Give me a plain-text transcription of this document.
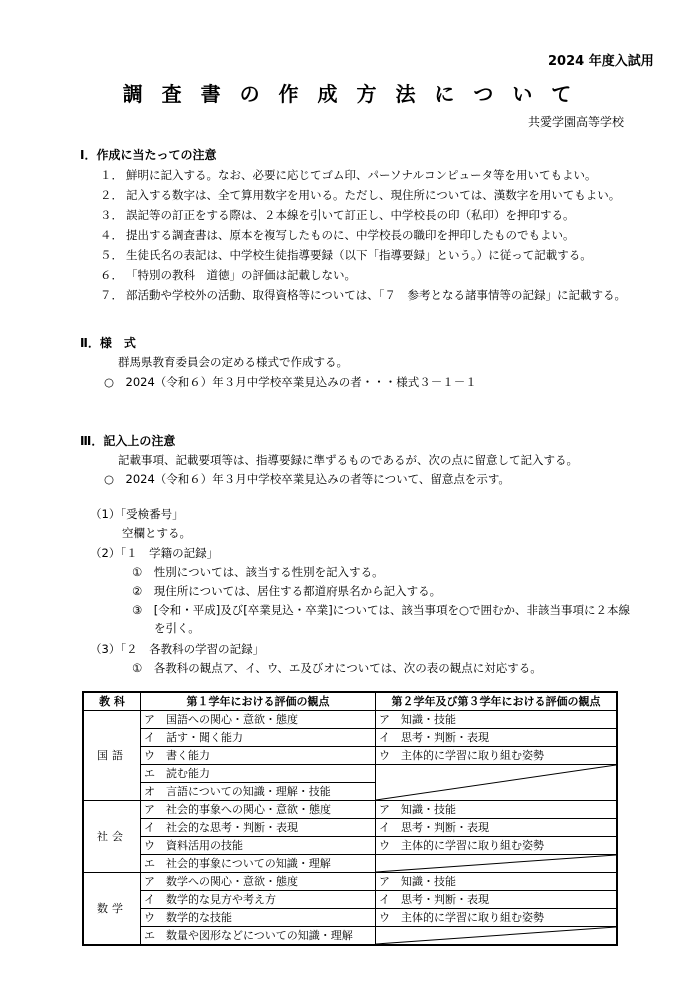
2024 年度入試用
調 査 書 の 作 成 方 法 に つ い て
共愛学園高等学校
Ⅰ．作成に当たっての注意
１． 鮮明に記入する。なお、必要に応じてゴム印、パーソナルコンピュータ等を用いてもよい。
２． 記入する数字は、全て算用数字を用いる。ただし、現住所については、漢数字を用いてもよい。
３． 誤記等の訂正をする際は、２本線を引いて訂正し、中学校長の印（私印）を押印する。
４． 提出する調査書は、原本を複写したものに、中学校長の職印を押印したものでもよい。
５． 生徒氏名の表記は、中学校生徒指導要録（以下「指導要録」という。）に従って記載する。
６． 「特別の教科　道徳」の評価は記載しない。
７． 部活動や学校外の活動、取得資格等については、「７　参考となる諸事情等の記録」に記載する。
Ⅱ．様　式
群馬県教育委員会の定める様式で作成する。
○　2024（令和６）年３月中学校卒業見込みの者・・・様式３－１－１
Ⅲ．記入上の注意
記載事項、記載要項等は、指導要録に準ずるものであるが、次の点に留意して記入する。
○　2024（令和６）年３月中学校卒業見込みの者等について、留意点を示す。
（1）「受検番号」
空欄とする。
（2）「１　学籍の記録」
①　性別については、該当する性別を記入する。
②　現住所については、居住する都道府県名から記入する。
③　[令和・平成]及び[卒業見込・卒業]については、該当事項を○で囲むか、非該当事項に２本線
を引く。
（3）「２　各教科の学習の記録」
①　各教科の観点ア、イ、ウ、エ及びオについては、次の表の観点に対応する。
教 科	第１学年における評価の観点	第２学年及び第３学年における評価の観点
国語	ア　国語への関心・意欲・態度	ア　知識・技能
	イ　話す・聞く能力	イ　思考・判断・表現
	ウ　書く能力	ウ　主体的に学習に取り組む姿勢
	エ　読む能力	

	オ　言語についての知識・理解・技能	
社会	ア　社会的事象への関心・意欲・態度	ア　知識・技能
	イ　社会的な思考・判断・表現	イ　思考・判断・表現
	ウ　資料活用の技能	ウ　主体的に学習に取り組む姿勢
	エ　社会的事象についての知識・理解	

数学	ア　数学への関心・意欲・態度	ア　知識・技能
	イ　数学的な見方や考え方	イ　思考・判断・表現
	ウ　数学的な技能	ウ　主体的に学習に取り組む姿勢
	エ　数量や図形などについての知識・理解	
